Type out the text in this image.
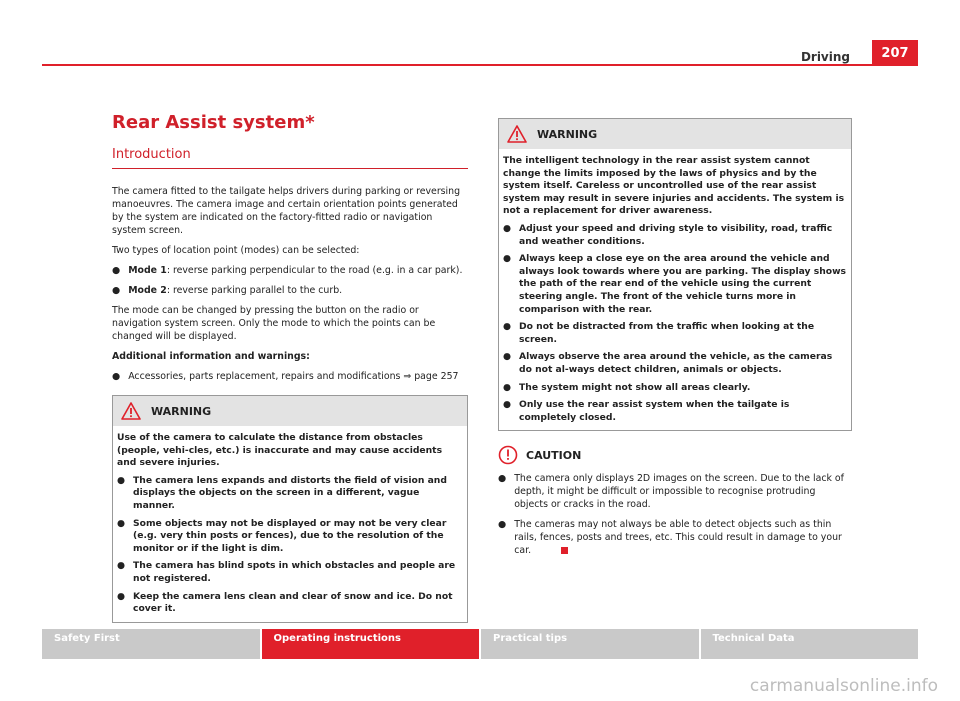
Driving	207
Rear Assist system*
Introduction

The camera fitted to the tailgate helps drivers during parking or reversing manoeuvres. The camera image and certain orientation points generated by the system are indicated on the factory-fitted radio or navigation system screen.

Two types of location point (modes) can be selected:

● Mode 1: reverse parking perpendicular to the road (e.g. in a car park).
● Mode 2: reverse parking parallel to the curb.

The mode can be changed by pressing the button on the radio or navigation system screen. Only the mode to which the points can be changed will be displayed.

Additional information and warnings:

● Accessories, parts replacement, repairs and modifications ⇒ page 257
WARNING

Use of the camera to calculate the distance from obstacles (people, vehi-cles, etc.) is inaccurate and may cause accidents and severe injuries.

● The camera lens expands and distorts the field of vision and displays the objects on the screen in a different, vague manner.
● Some objects may not be displayed or may not be very clear (e.g. very thin posts or fences), due to the resolution of the monitor or if the light is dim.
● The camera has blind spots in which obstacles and people are not registered.
● Keep the camera lens clean and clear of snow and ice. Do not cover it.
WARNING

The intelligent technology in the rear assist system cannot change the limits imposed by the laws of physics and by the system itself. Careless or uncontrolled use of the rear assist system may result in severe injuries and accidents. The system is not a replacement for driver awareness.

● Adjust your speed and driving style to visibility, road, traffic and weather conditions.
● Always keep a close eye on the area around the vehicle and always look towards where you are parking. The display shows the path of the rear end of the vehicle using the current steering angle. The front of the vehicle turns more in comparison with the rear.
● Do not be distracted from the traffic when looking at the screen.
● Always observe the area around the vehicle, as the cameras do not al-ways detect children, animals or objects.
● The system might not show all areas clearly.
● Only use the rear assist system when the tailgate is completely closed.
CAUTION
● The camera only displays 2D images on the screen. Due to the lack of depth, it might be difficult or impossible to recognise protruding objects or cracks in the road.
● The cameras may not always be able to detect objects such as thin rails, fences, posts and trees, etc. This could result in damage to your car.
Safety First	Operating instructions	Practical tips	Technical Data
carmanualsonline.info
